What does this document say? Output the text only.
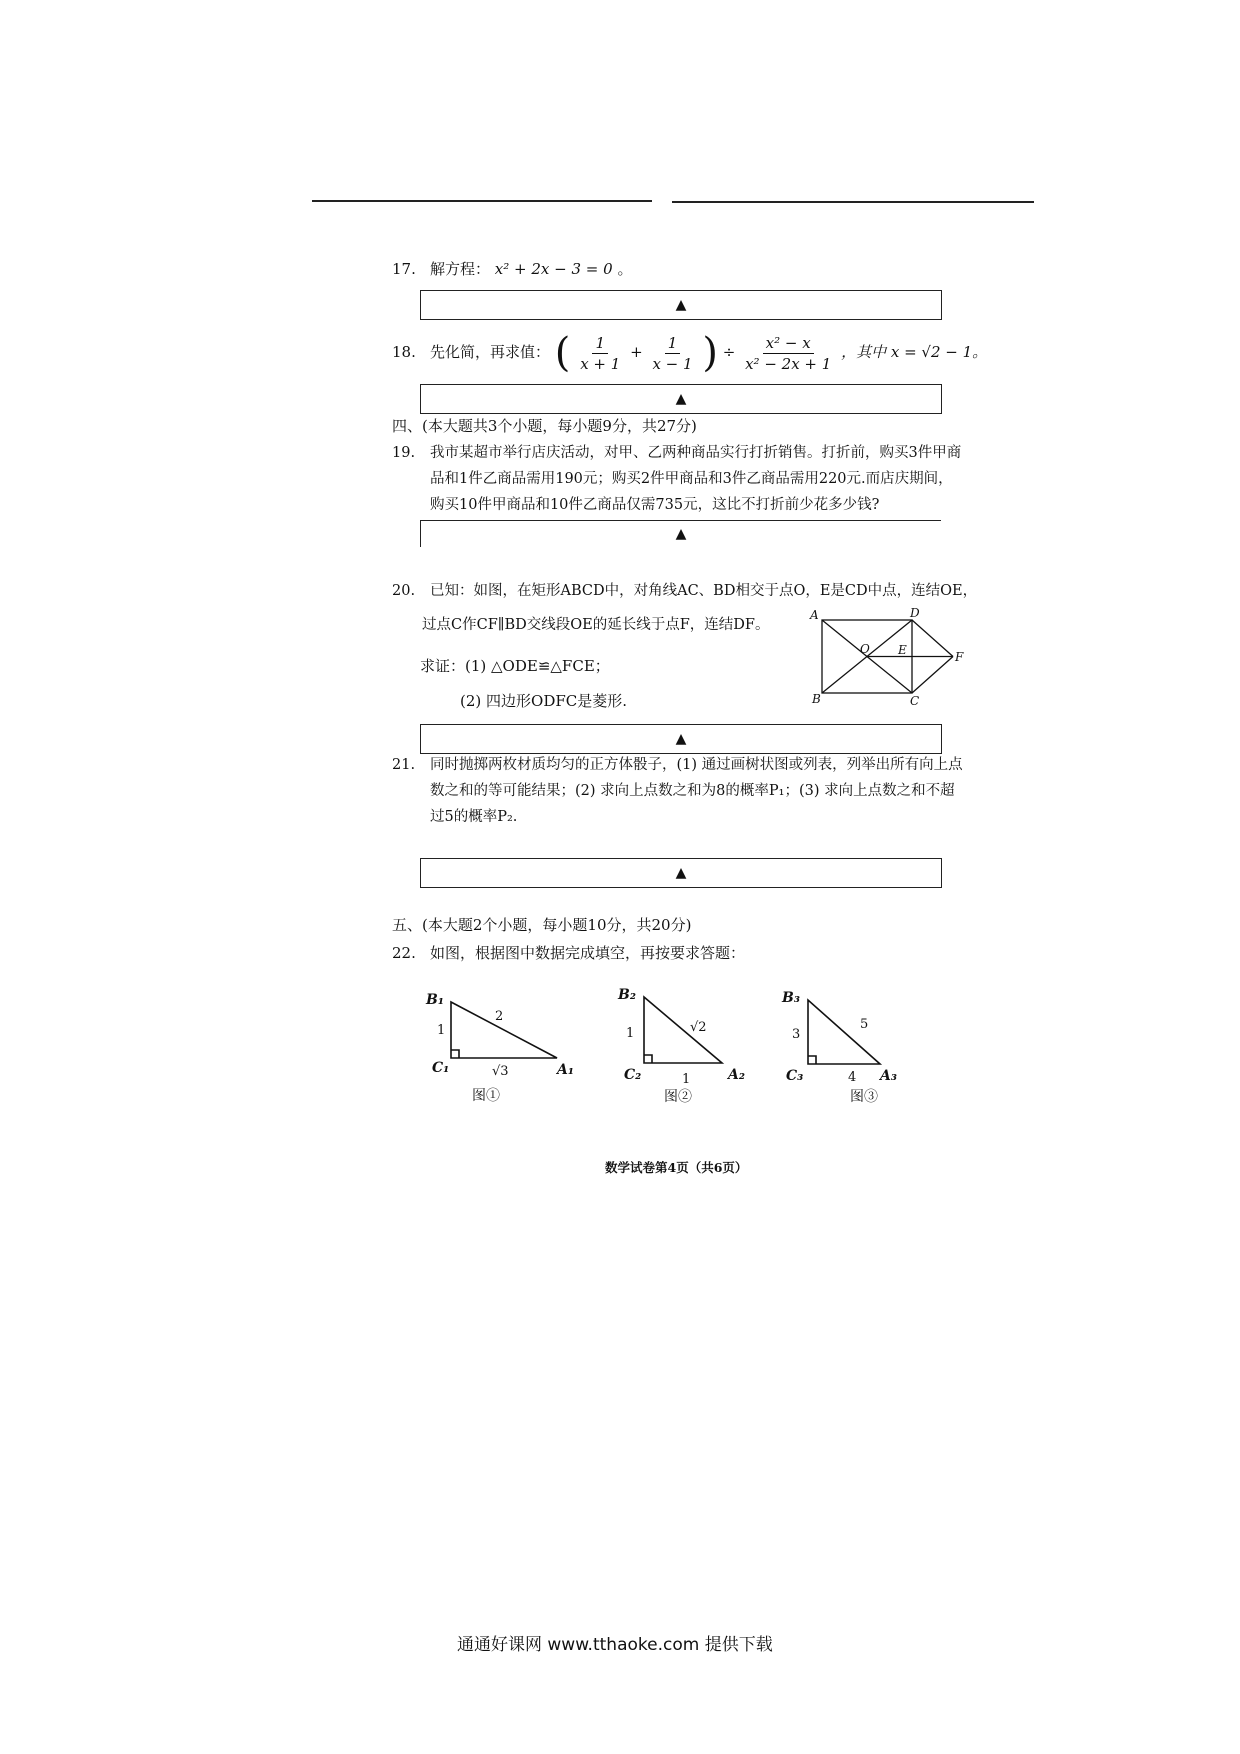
17. 解方程： x² + 2x − 3 = 0 。
▲
18. 先化简，再求值： ( $\frac{1}{x + 1} + \frac{1}{x - 1}$ ) ÷ $\frac{\text{x² − x}}{\text{x² − 2x + 1}}$ ，其中 x = √2 − 1。
▲
四、(本大题共3个小题，每小题9分，共27分)
19. 我市某超市举行店庆活动，对甲、乙两种商品实行打折销售。打折前，购买3件甲商
品和1件乙商品需用190元；购买2件甲商品和3件乙商品需用220元.而店庆期间，
购买10件甲商品和10件乙商品仅需735元，这比不打折前少花多少钱?
▲
20. 已知：如图，在矩形ABCD中，对角线AC、BD相交于点O，E是CD中点，连结OE，
过点C作CF∥BD交线段OE的延长线于点F，连结DF。
求证：(1) △ODE≌△FCE；
(2) 四边形ODFC是菱形.
A
B	C
D
O E	F
▲
21. 同时抛掷两枚材质均匀的正方体骰子，(1) 通过画树状图或列表，列举出所有向上点
数之和的等可能结果；(2) 求向上点数之和为8的概率P₁；(3) 求向上点数之和不超
过5的概率P₂.
▲
五、(本大题2个小题，每小题10分，共20分)
22. 如图，根据图中数据完成填空，再按要求答题：
B₁
C₁	A₁
1
2
√3
图①
B₂
C₂	A₂
1	√2
1
图②
B₃
C₃	A₃
3
5
4
图③
数学试卷第4页（共6页）
通通好课网 www.tthaoke.com 提供下载
